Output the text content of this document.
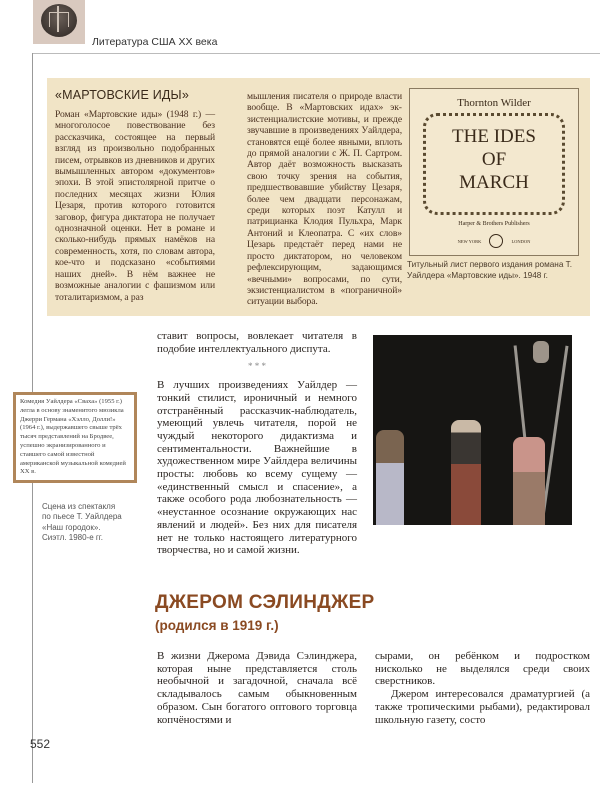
Литература США XX века
«МАРТОВСКИЕ ИДЫ»
Роман «Мартовские иды» (1948 г.) — многоголосое повествование без рассказчика, состоящее на первый взгляд из произвольно подобранных писем, отрывков из дневников и других вымышленных автором «документов» эпохи. В этой эпистолярной притче о последних месяцах жизни Юлия Цезаря, против которого готовится заговор, фигура диктатора не получает однозначной оценки. Нет в романе и сколько-нибудь прямых намёков на современность, хотя, по словам автора, кое-что и подсказано «событиями наших дней». В нём важнее не возможные аналогии с фашизмом или тоталитаризмом, а раз
мышления писателя о природе власти вообще. В «Мартовских идах» экзистенциалистские мотивы, и прежде звучавшие в произведениях Уайлдера, становятся ещё более явными, вплоть до прямой аналогии с Ж. П. Сартром. Автор даёт возможность высказать свою точку зрения на события, предшествовавшие убийству Цезаря, более чем двадцати персонажам, среди которых поэт Катулл и патрицианка Клодия Пульхра, Марк Антоний и Клеопатра. С «их слов» Цезарь предстаёт перед нами не просто диктатором, но человеком рефлексирующим, задающимся «вечными» вопросами, по сути, экзистенциалистом в «пограничной» ситуации выбора.
Thornton Wilder
THE IDES
OF
MARCH
Harper & Brothers Publishers
NEW YORK	LONDON
Титульный лист первого издания романа Т. Уайлдера «Мартовские иды». 1948 г.
ставит вопросы, вовлекает читателя в подобие интеллектуального диспута.
* * *
В лучших произведениях Уайлдер — тонкий стилист, ироничный и немного отстранённый рассказчик-наблюдатель, умеющий увлечь читателя, порой не чуждый некоторого дидактизма и сентиментальности. Важнейшие в художественном мире Уайлдера величины просты: любовь ко всему сущему — «единственный смысл и спасение», а также особого рода любознательность — «неустанное осознание окружающих нас явлений и людей». Без них для писателя нет не только настоящего литературного творчества, но и самой жизни.
Комедия Уайлдера «Сваха» (1955 г.) легла в основу знаменитого мюзикла Джерри Германа «Хэлло, Долли!» (1964 г.), выдержавшего свыше трёх тысяч представлений на Бродвее, успешно экранизированного и ставшего самой известной американской музыкальной комедией XX в.
Сцена из спектакля по пьесе Т. Уайлдера «Наш городок». Сиэтл. 1980-е гг.
ДЖЕРОМ СЭЛИНДЖЕР
(родился в 1919 г.)
В жизни Джерома Дэвида Сэлинджера, которая ныне представляется столь необычной и загадочной, сначала всё складывалось самым обыкновенным образом. Сын богатого оптового торговца копчёностями и
сырами, он ребёнком и подростком нисколько не выделялся среди своих сверстников.
Джером интересовался драматургией (а также тропическими рыбами), редактировал школьную газету, состо
552
